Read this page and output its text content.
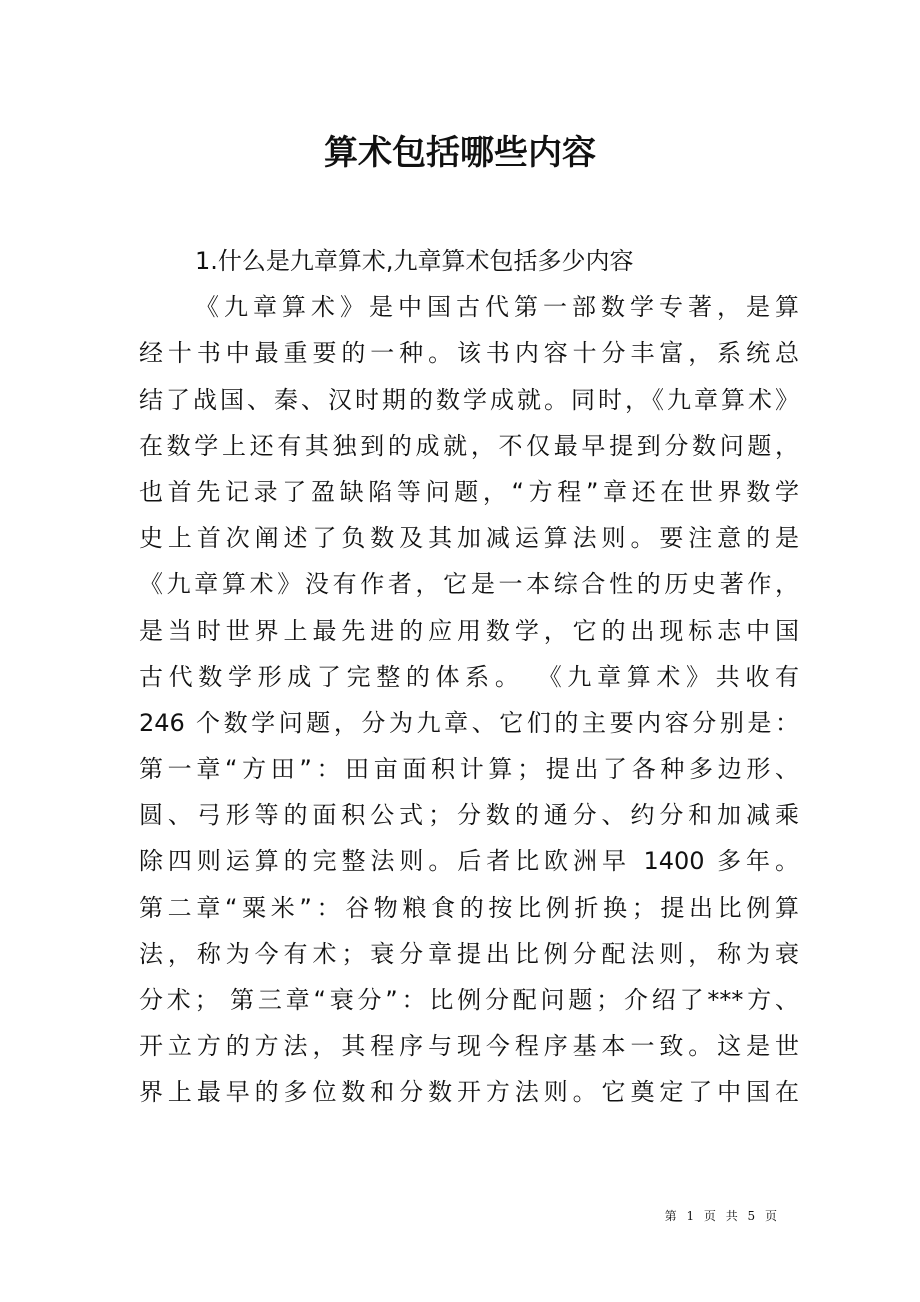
算术包括哪些内容
1.什么是九章算术,九章算术包括多少内容
《九章算术》是中国古代第一部数学专著，是算
经十书中最重要的一种。该书内容十分丰富，系统总
结了战国、秦、汉时期的数学成就。同时，《九章算术》
在数学上还有其独到的成就，不仅最早提到分数问题，
也首先记录了盈缺陷等问题，“方程”章还在世界数学
史上首次阐述了负数及其加减运算法则。要注意的是
《九章算术》没有作者，它是一本综合性的历史著作，
是当时世界上最先进的应用数学，它的出现标志中国
古代数学形成了完整的体系。 《九章算术》共收有
246 个数学问题，分为九章、它们的主要内容分别是：
第一章“方田”：田亩面积计算；提出了各种多边形、
圆、弓形等的面积公式；分数的通分、约分和加减乘
除四则运算的完整法则。后者比欧洲早 1400 多年。
第二章“粟米”：谷物粮食的按比例折换；提出比例算
法，称为今有术；衰分章提出比例分配法则，称为衰
分术； 第三章“衰分”：比例分配问题；介绍了***方、
开立方的方法，其程序与现今程序基本一致。这是世
界上最早的多位数和分数开方法则。它奠定了中国在
第 1 页 共 5 页
